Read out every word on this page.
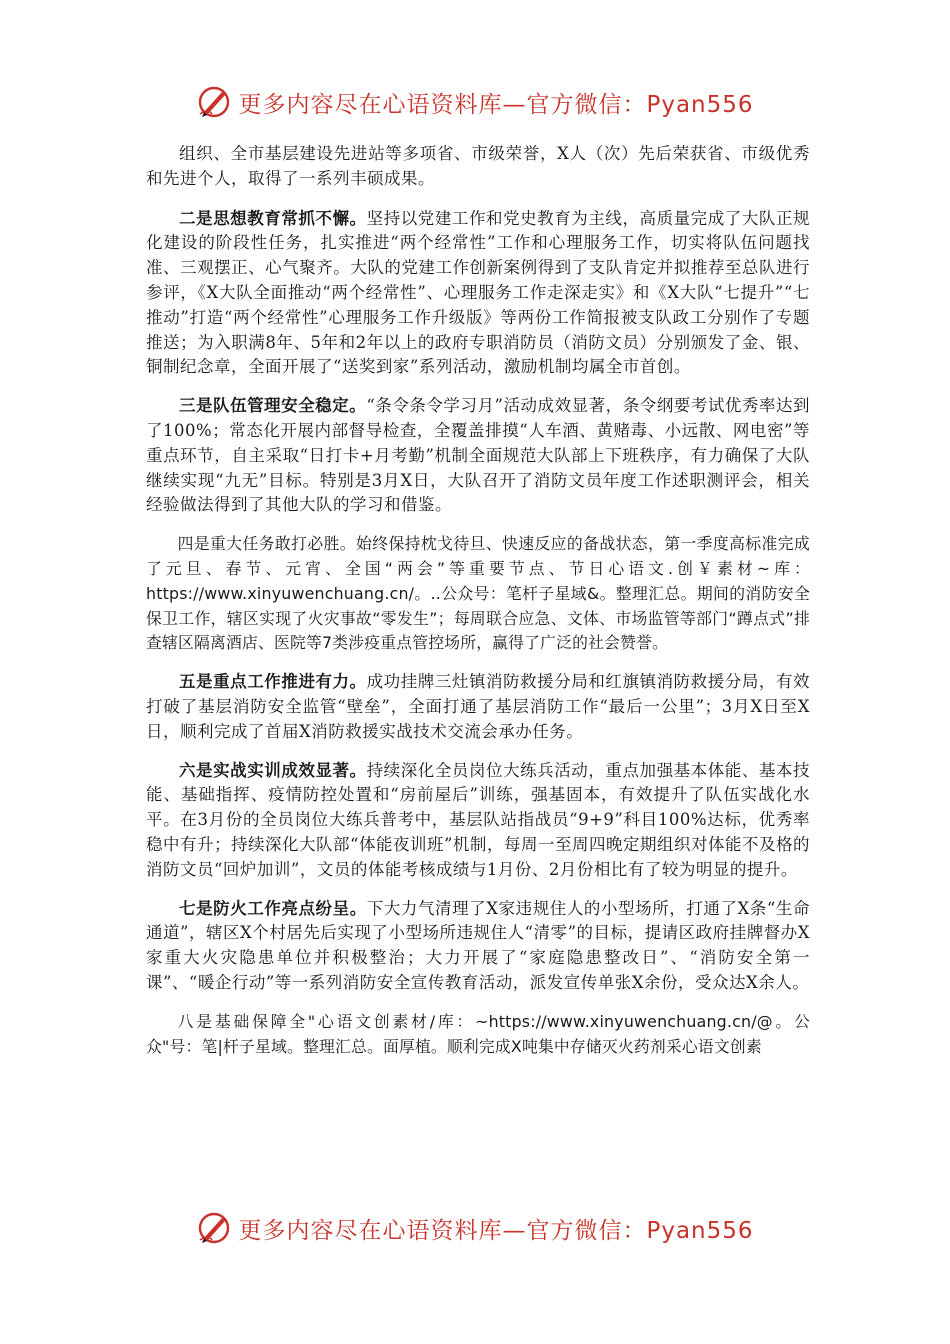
更多内容尽在心语资料库—官方微信：Pyan556

组织、全市基层建设先进站等多项省、市级荣誉，X人（次）先后荣获省、市级优秀和先进个人，取得了一系列丰硕成果。

二是思想教育常抓不懈。坚持以党建工作和党史教育为主线，高质量完成了大队正规化建设的阶段性任务，扎实推进“两个经常性”工作和心理服务工作，切实将队伍问题找准、三观摆正、心气聚齐。大队的党建工作创新案例得到了支队肯定并拟推荐至总队进行参评，《X大队全面推动“两个经常性”、心理服务工作走深走实》和《X大队“七提升”“七推动”打造“两个经常性”心理服务工作升级版》等两份工作简报被支队政工分别作了专题推送；为入职满8年、5年和2年以上的政府专职消防员（消防文员）分别颁发了金、银、铜制纪念章，全面开展了“送奖到家”系列活动，激励机制均属全市首创。

三是队伍管理安全稳定。“条令条令学习月”活动成效显著，条令纲要考试优秀率达到了100%；常态化开展内部督导检查，全覆盖排摸“人车酒、黄赌毒、小远散、网电密”等重点环节，自主采取“日打卡+月考勤”机制全面规范大队部上下班秩序，有力确保了大队继续实现“九无”目标。特别是3月X日，大队召开了消防文员年度工作述职测评会，相关经验做法得到了其他大队的学习和借鉴。

四是重大任务敢打必胜。始终保持枕戈待旦、快速反应的备战状态，第一季度高标准完成了元旦、春节、元宵、全国“两会”等重要节点、节日心语文.创￥素材~库：https://www.xinyuwenchuang.cn/。..公众号：笔杆子星域&。整理汇总。期间的消防安全保卫工作，辖区实现了火灾事故“零发生”；每周联合应急、文体、市场监管等部门“蹲点式”排查辖区隔离酒店、医院等7类涉疫重点管控场所，赢得了广泛的社会赞誉。

五是重点工作推进有力。成功挂牌三灶镇消防救援分局和红旗镇消防救援分局，有效打破了基层消防安全监管“壁垒”，全面打通了基层消防工作“最后一公里”；3月X日至X日，顺利完成了首届X消防救援实战技术交流会承办任务。

六是实战实训成效显著。持续深化全员岗位大练兵活动，重点加强基本体能、基本技能、基础指挥、疫情防控处置和“房前屋后”训练，强基固本，有效提升了队伍实战化水平。在3月份的全员岗位大练兵普考中，基层队站指战员“9+9”科目100%达标，优秀率稳中有升；持续深化大队部“体能夜训班”机制，每周一至周四晚定期组织对体能不及格的消防文员“回炉加训”，文员的体能考核成绩与1月份、2月份相比有了较为明显的提升。

七是防火工作亮点纷呈。下大力气清理了X家违规住人的小型场所，打通了X条“生命通道”，辖区X个村居先后实现了小型场所违规住人“清零”的目标，提请区政府挂牌督办X家重大火灾隐患单位并积极整治；大力开展了“家庭隐患整改日”、“消防安全第一课”、“暖企行动”等一系列消防安全宣传教育活动，派发宣传单张X余份，受众达X余人。

八是基础保障全"心语文创素材/库：~https://www.xinyuwenchuang.cn/@。公众"号：笔|杆子星域。整理汇总。面厚植。顺利完成X吨集中存储灭火药剂采心语文创素

更多内容尽在心语资料库—官方微信：Pyan556
